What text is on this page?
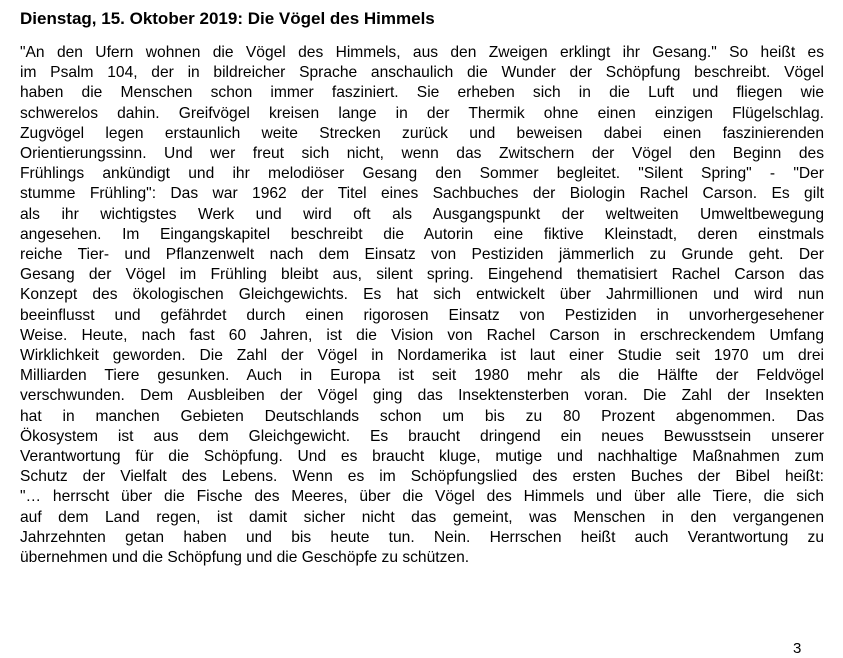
Dienstag, 15. Oktober 2019: Die Vögel des Himmels
"An den Ufern wohnen die Vögel des Himmels, aus den Zweigen erklingt ihr Gesang." So heißt es
im Psalm 104, der in bildreicher Sprache anschaulich die Wunder der Schöpfung beschreibt. Vögel
haben die Menschen schon immer fasziniert. Sie erheben sich in die Luft und fliegen wie
schwerelos dahin. Greifvögel kreisen lange in der Thermik ohne einen einzigen Flügelschlag.
Zugvögel legen erstaunlich weite Strecken zurück und beweisen dabei einen faszinierenden
Orientierungssinn. Und wer freut sich nicht, wenn das Zwitschern der Vögel den Beginn des
Frühlings ankündigt und ihr melodiöser Gesang den Sommer begleitet. "Silent Spring" - "Der
stumme Frühling": Das war 1962 der Titel eines Sachbuches der Biologin Rachel Carson. Es gilt
als ihr wichtigstes Werk und wird oft als Ausgangspunkt der weltweiten Umweltbewegung
angesehen. Im Eingangskapitel beschreibt die Autorin eine fiktive Kleinstadt, deren einstmals
reiche Tier- und Pflanzenwelt nach dem Einsatz von Pestiziden jämmerlich zu Grunde geht. Der
Gesang der Vögel im Frühling bleibt aus, silent spring. Eingehend thematisiert Rachel Carson das
Konzept des ökologischen Gleichgewichts. Es hat sich entwickelt über Jahrmillionen und wird nun
beeinflusst und gefährdet durch einen rigorosen Einsatz von Pestiziden in unvorhergesehener
Weise. Heute, nach fast 60 Jahren, ist die Vision von Rachel Carson in erschreckendem Umfang
Wirklichkeit geworden. Die Zahl der Vögel in Nordamerika ist laut einer Studie seit 1970 um drei
Milliarden Tiere gesunken. Auch in Europa ist seit 1980 mehr als die Hälfte der Feldvögel
verschwunden. Dem Ausbleiben der Vögel ging das Insektensterben voran. Die Zahl der Insekten
hat in manchen Gebieten Deutschlands schon um bis zu 80 Prozent abgenommen. Das
Ökosystem ist aus dem Gleichgewicht. Es braucht dringend ein neues Bewusstsein unserer
Verantwortung für die Schöpfung. Und es braucht kluge, mutige und nachhaltige Maßnahmen zum
Schutz der Vielfalt des Lebens. Wenn es im Schöpfungslied des ersten Buches der Bibel heißt:
"… herrscht über die Fische des Meeres, über die Vögel des Himmels und über alle Tiere, die sich
auf dem Land regen, ist damit sicher nicht das gemeint, was Menschen in den vergangenen
Jahrzehnten getan haben und bis heute tun. Nein. Herrschen heißt auch Verantwortung zu
übernehmen und die Schöpfung und die Geschöpfe zu schützen.
3
